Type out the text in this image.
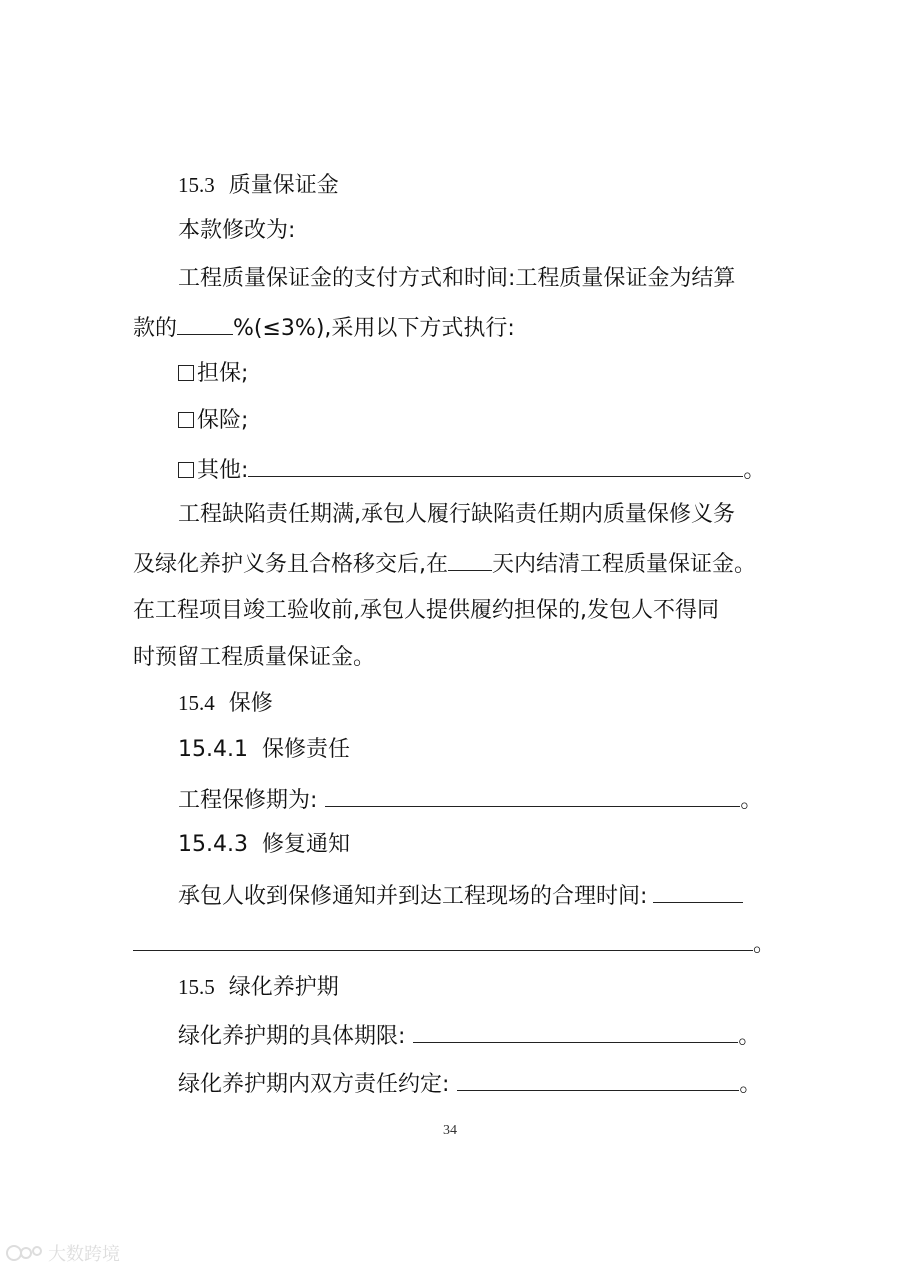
15.3 质量保证金
本款修改为:
工程质量保证金的支付方式和时间:工程质量保证金为结算
款的	%(≤3%),采用以下方式执行:
担保;
保险;
其他:	。
工程缺陷责任期满,承包人履行缺陷责任期内质量保修义务
及绿化养护义务且合格移交后,在 天内结清工程质量保证金。
在工程项目竣工验收前,承包人提供履约担保的,发包人不得同
时预留工程质量保证金。
15.4 保修
15.4.1 保修责任
工程保修期为:	。
15.4.3 修复通知
承包人收到保修通知并到达工程现场的合理时间:
。
15.5 绿化养护期
绿化养护期的具体期限:	。
绿化养护期内双方责任约定:	。
34
大数跨境
